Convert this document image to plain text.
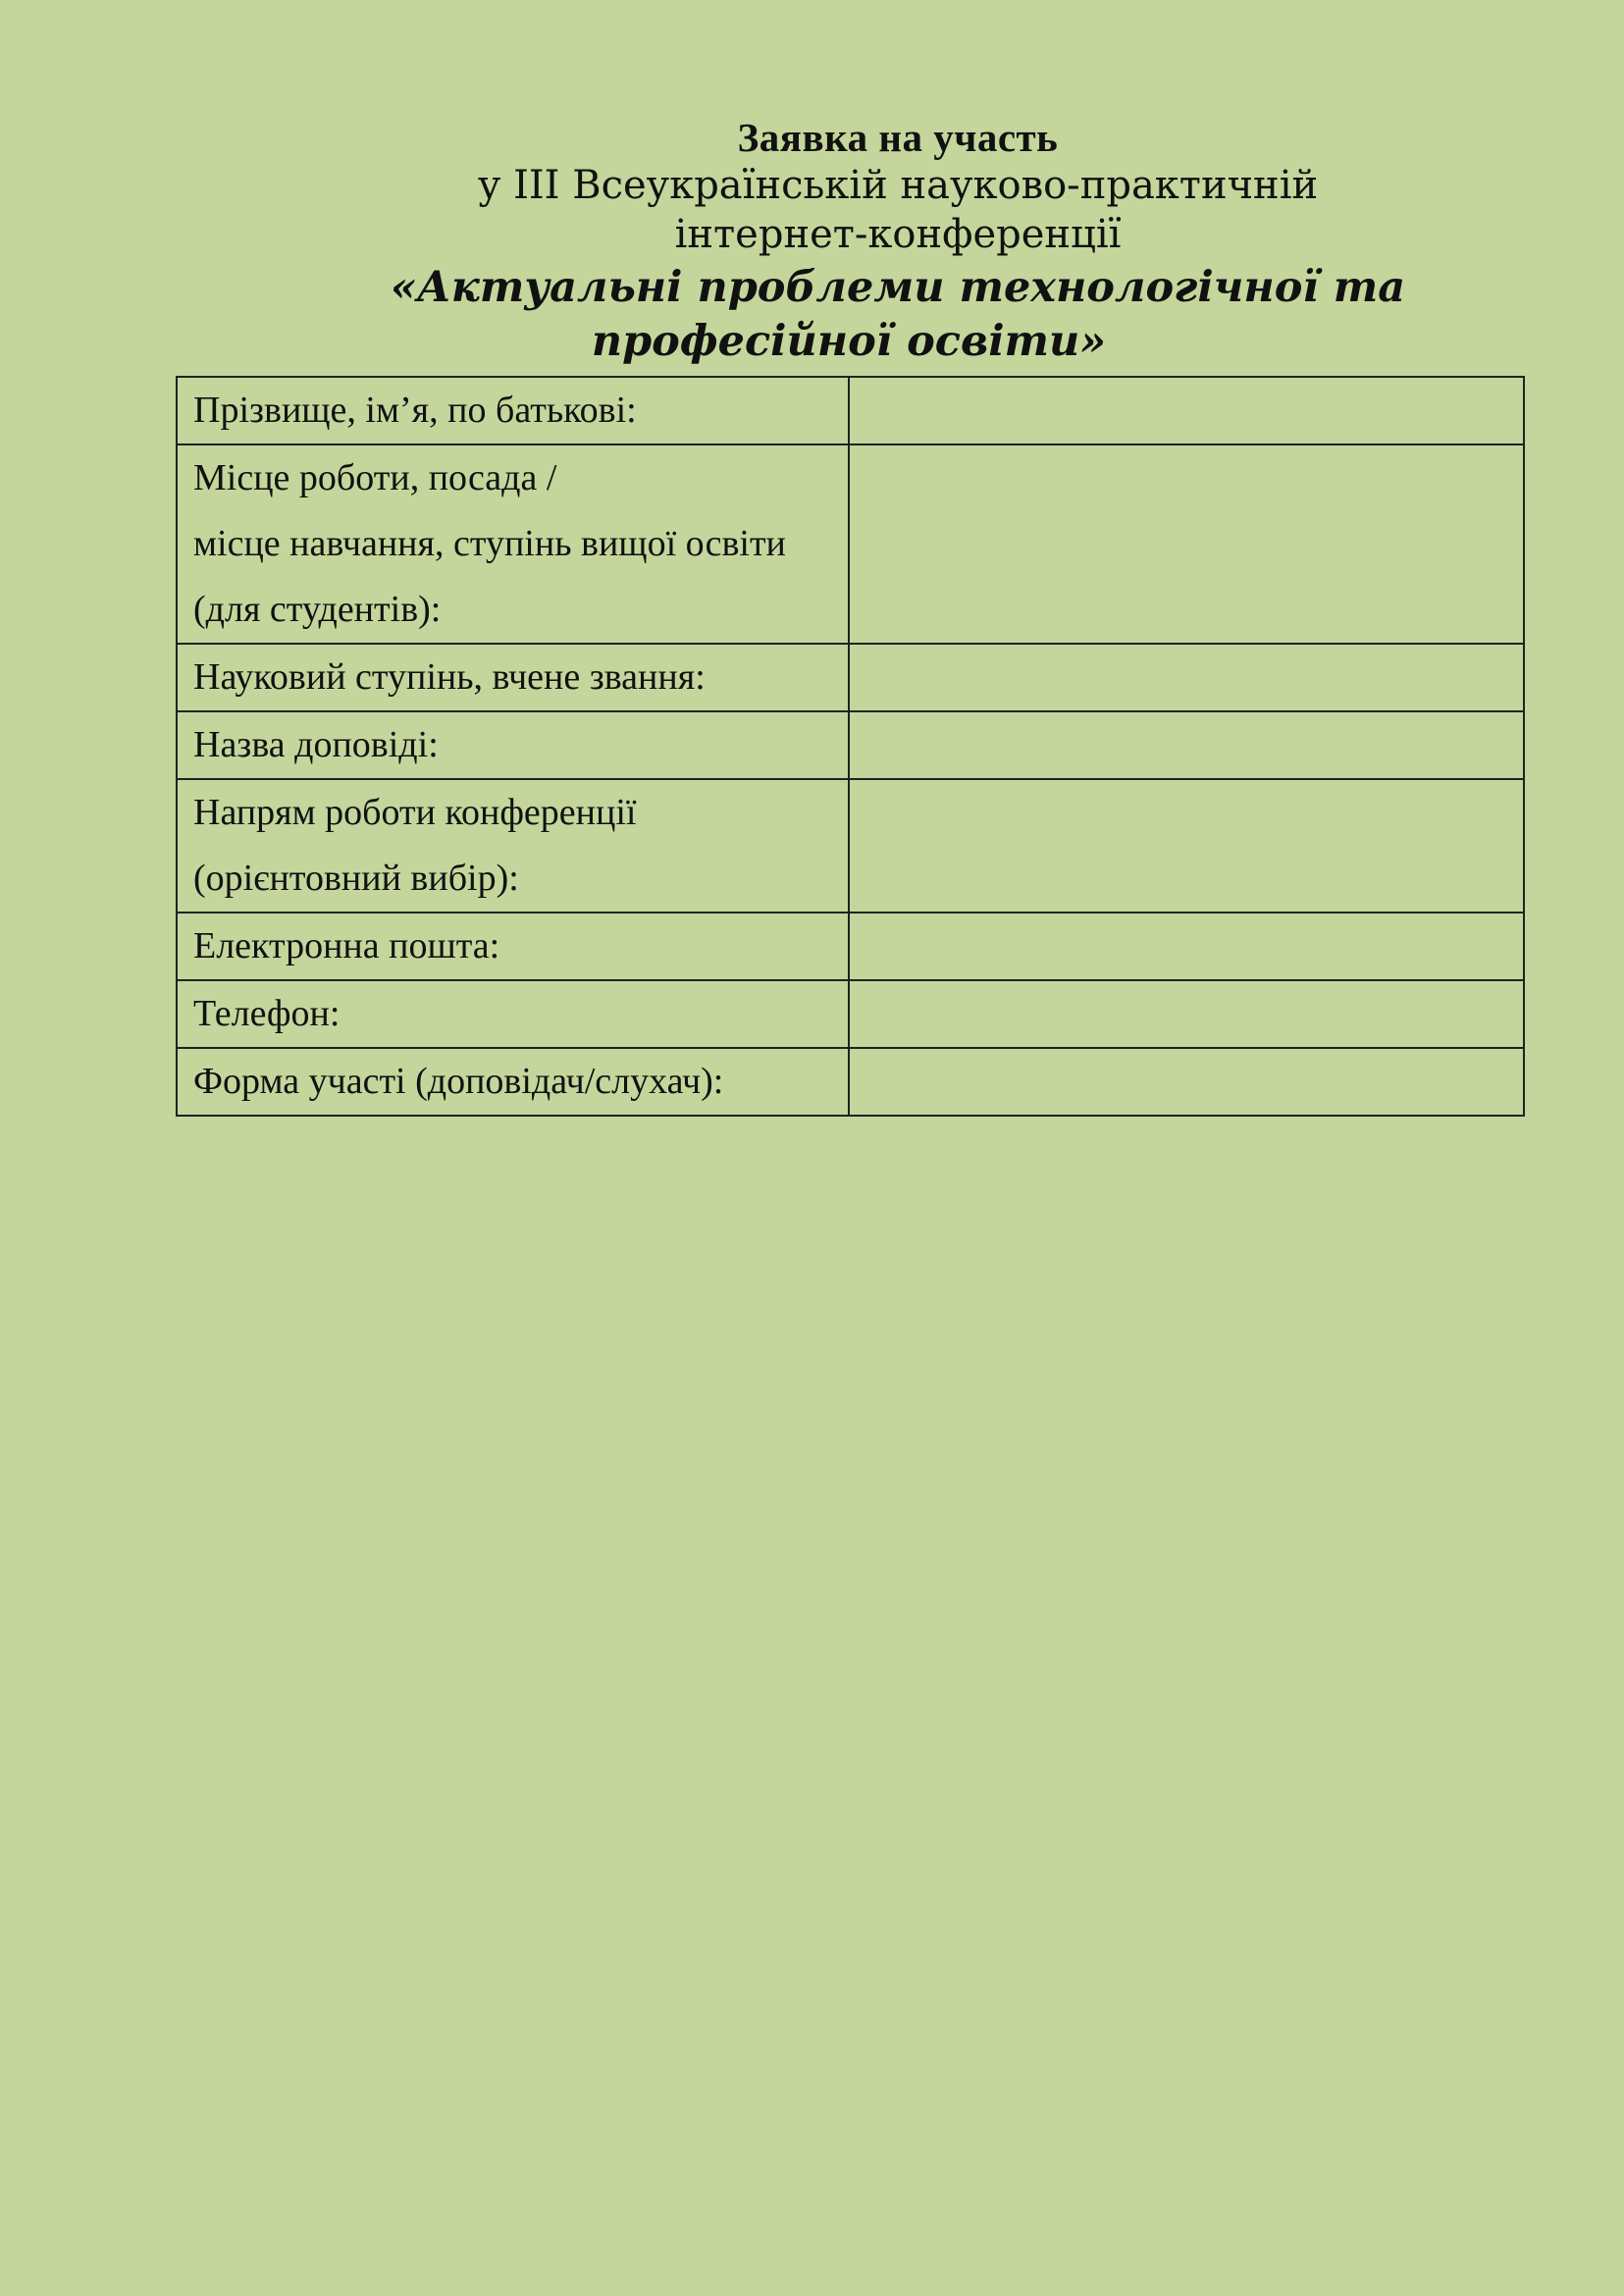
Заявка на участь
у ІІІ Всеукраїнській науково-практичній
інтернет-конференції
«Актуальні проблеми технологічної та
професійної освіти»
Прізвище, ім’я, по батькові:	

Місце роботи, посада /
місце навчання, ступінь вищої освіти
(для студентів):	

Науковий ступінь, вчене звання:	

Назва доповіді:	

Напрям роботи конференції
(орієнтовний вибір):	

Електронна пошта:	

Телефон:	

Форма участі (доповідач/слухач):	
